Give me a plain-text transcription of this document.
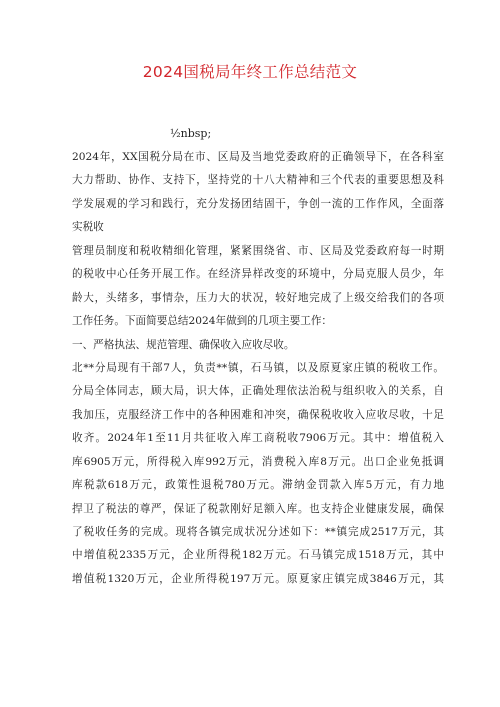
2024国税局年终工作总结范文
½nbsp;
2024年，XX国税分局在市、区局及当地党委政府的正确领导下，在各科室
大力帮助、协作、支持下，坚持党的十八大精神和三个代表的重要思想及科
学发展观的学习和践行，充分发扬团结固干，争创一流的工作作风，全面落
实税收
管理员制度和税收精细化管理，紧紧围绕省、市、区局及党委政府每一时期
的税收中心任务开展工作。在经济异样改变的环境中，分局克服人员少，年
龄大，头绪多，事情杂，压力大的状况，较好地完成了上级交给我们的各项
工作任务。下面简要总结2024年做到的几项主要工作：
一、严格执法、规范管理、确保收入应收尽收。
北**分局现有干部7人，负责**镇，石马镇，以及原夏家庄镇的税收工作。
分局全体同志，顾大局，识大体，正确处理依法治税与组织收入的关系，自
我加压，克服经济工作中的各种困难和冲突，确保税收收入应收尽收，十足
收齐。2024年1至11月共征收入库工商税收7906万元。其中：增值税入
库6905万元，所得税入库992万元，消费税入库8万元。出口企业免抵调
库税款618万元，政策性退税780万元。滞纳金罚款入库5万元，有力地
捍卫了税法的尊严，保证了税款刚好足额入库。也支持企业健康发展，确保
了税收任务的完成。现将各镇完成状况分述如下：**镇完成2517万元，其
中增值税2335万元，企业所得税182万元。石马镇完成1518万元，其中
增值税1320万元，企业所得税197万元。原夏家庄镇完成3846万元，其
